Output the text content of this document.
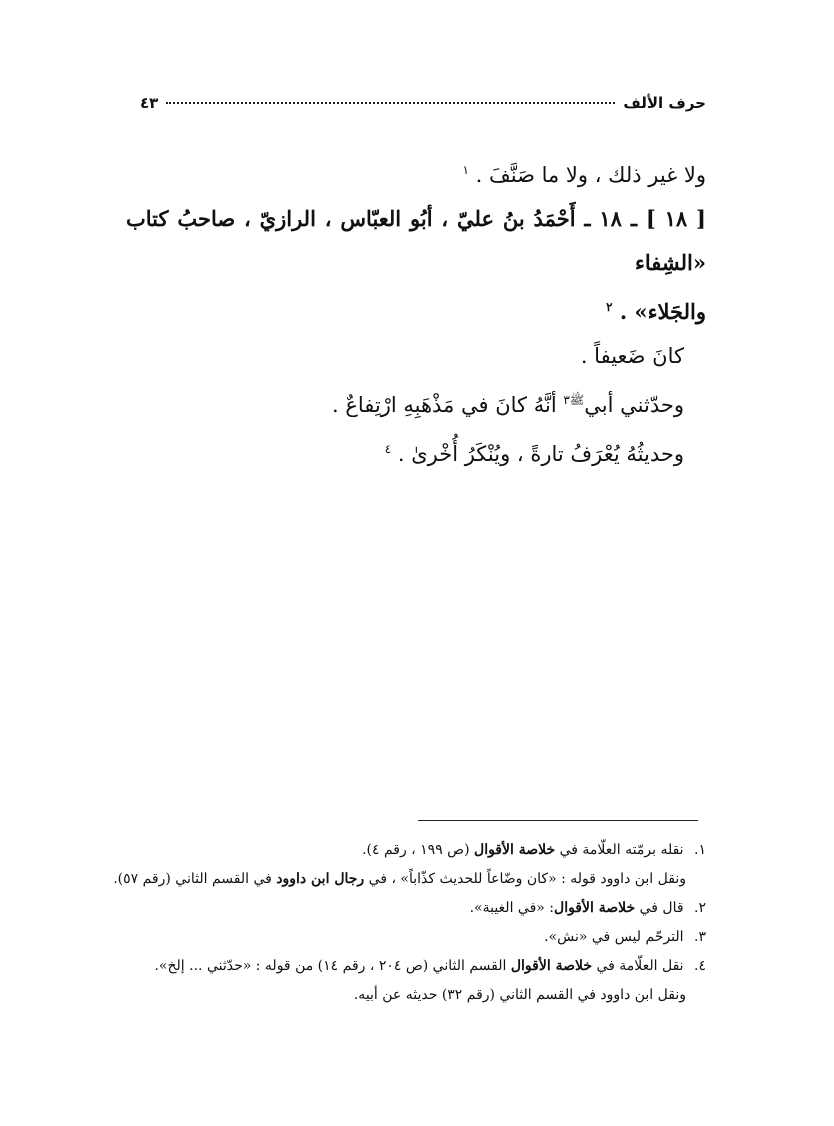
حرف الألف
٤٣
ولا غير ذلك ، ولا ما صَنَّفَ . $^١$
[ ١٨ ] ـ ١٨ ـ أَحْمَدُ بنُ عليّ ، أبُو العبّاس ، الرازيّ ، صاحبُ كتاب «الشِفاء
والجَلاء» . $^٢$
كانَ ضَعيفاً .
وحدّثني أبي$^{ﷺ٣}$ أنَّهُ كانَ في مَذْهَبِهِ ارْتِفاعٌ .
وحديثُهُ يُعْرَفُ تارةً ، ويُنْكَرُ أُخْرىٰ . $^٤$
١. نقله برمّته العلّامة في خلاصة الأقوال (ص ١٩٩ ، رقم ٤).
ونقل ابن داوود قوله : «كان وضّاعاً للحديث كذّاباً» ، في رجال ابن داوود في القسم الثاني (رقم ٥٧).
٢. قال في خلاصة الأقوال: «في الغيبة».
٣. الترحّم ليس في «نش».
٤. نقل العلّامة في خلاصة الأقوال القسم الثاني (ص ٢٠٤ ، رقم ١٤) من قوله : «حدّثني ... إلخ».
ونقل ابن داوود في القسم الثاني (رقم ٣٢) حديثه عن أبيه.
